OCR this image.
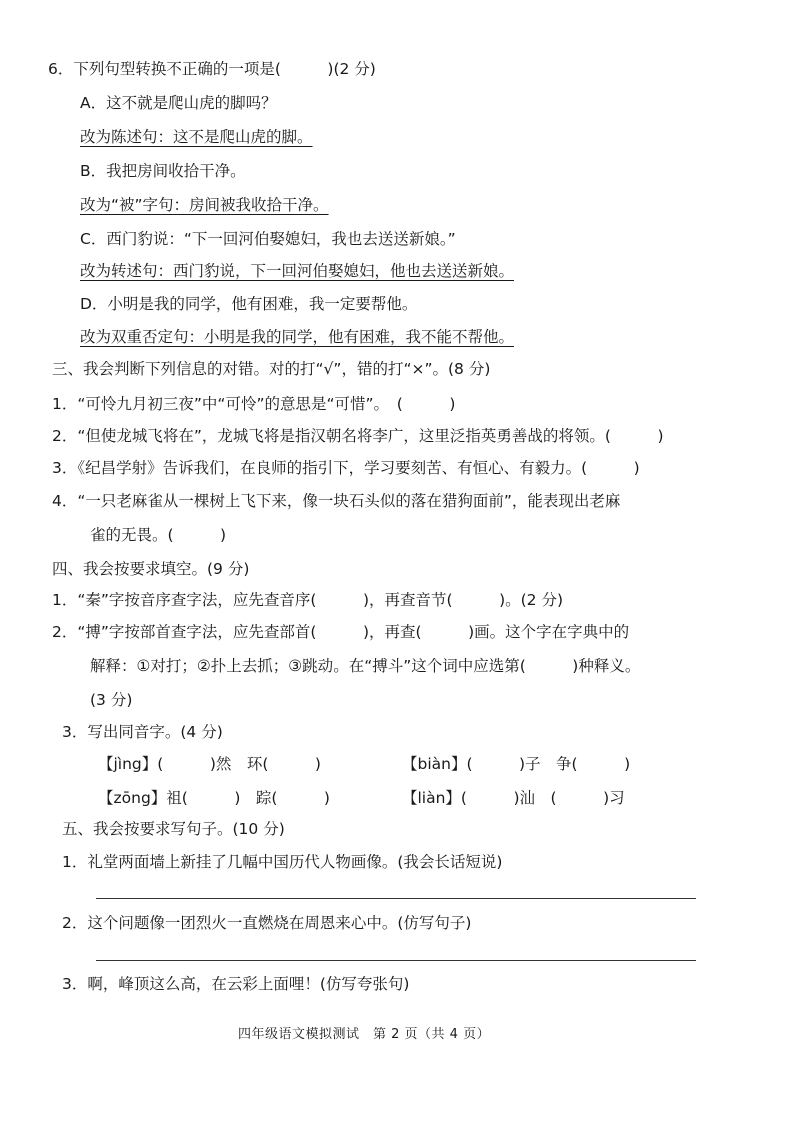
6．下列句型转换不正确的一项是(　　　)(2 分)
A．这不就是爬山虎的脚吗？
改为陈述句：这不是爬山虎的脚。
B．我把房间收拾干净。
改为“被”字句：房间被我收拾干净。
C．西门豹说：“下一回河伯娶媳妇，我也去送送新娘。”
改为转述句：西门豹说，下一回河伯娶媳妇，他也去送送新娘。
D．小明是我的同学，他有困难，我一定要帮他。
改为双重否定句：小明是我的同学，他有困难，我不能不帮他。
三、我会判断下列信息的对错。对的打“√”，错的打“×”。(8 分)
1．“可怜九月初三夜”中“可怜”的意思是“可惜”。　(　　　)
2．“但使龙城飞将在”，龙城飞将是指汉朝名将李广，这里泛指英勇善战的将领。(　　　)
3．《纪昌学射》告诉我们，在良师的指引下，学习要刻苦、有恒心、有毅力。(　　　)
4．“一只老麻雀从一棵树上飞下来，像一块石头似的落在猎狗面前”，能表现出老麻
雀的无畏。(　　　)
四、我会按要求填空。(9 分)
1．“秦”字按音序查字法，应先查音序(　　　)，再查音节(　　　)。(2 分)
2．“搏”字按部首查字法，应先查部首(　　　)，再查(　　　)画。这个字在字典中的
解释：①对打；②扑上去抓；③跳动。在“搏斗”这个词中应选第(　　　)种释义。
(3 分)
3．写出同音字。(4 分)
【jìng】(　　　)然　环(　　　)	【biàn】(　　　)子　争(　　　)
【zōng】祖(　　　)　踪(　　　)	【liàn】(　　　)汕　(　　　)习
五、我会按要求写句子。(10 分)
1．礼堂两面墙上新挂了几幅中国历代人物画像。(我会长话短说)
2．这个问题像一团烈火一直燃烧在周恩来心中。(仿写句子)
3．啊，峰顶这么高，在云彩上面哩！(仿写夸张句)
四年级语文模拟测试　第 2 页（共 4 页）
